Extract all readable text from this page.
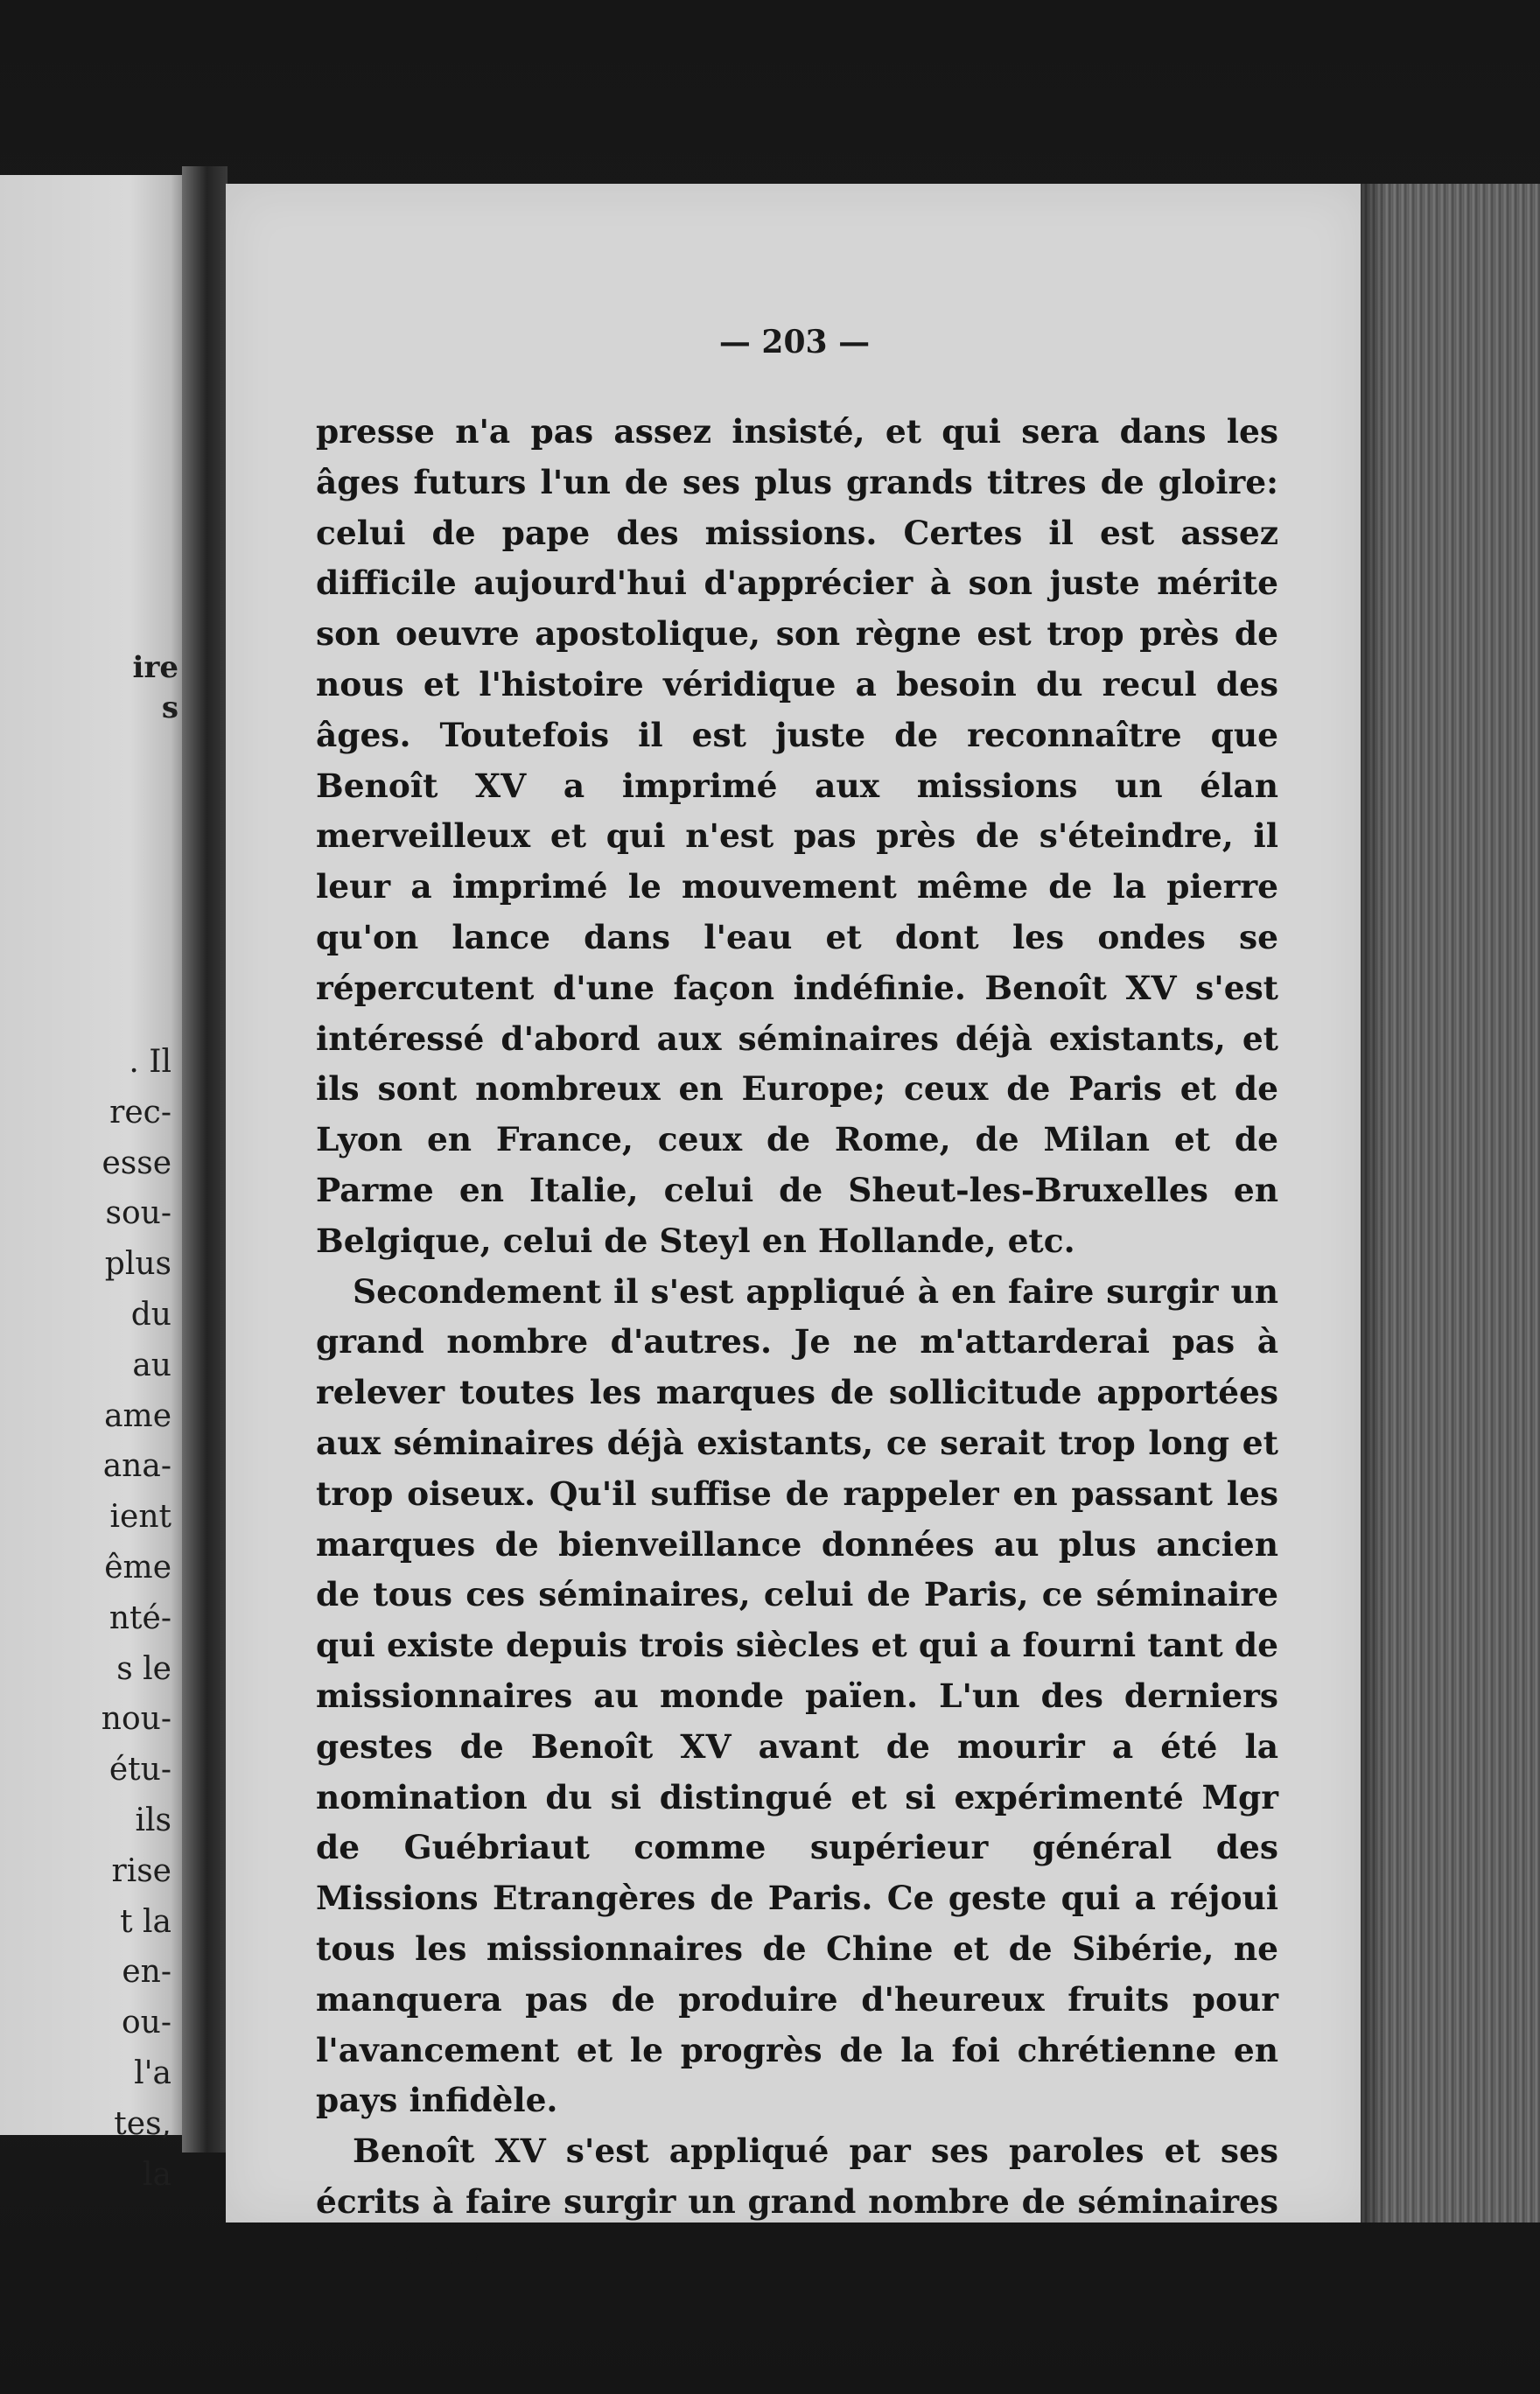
ire
s
. Il
rec-
esse
sou-
plus
du
au
ame
ana-
ient
ême
nté-
s le
nou-
étu-
ils
rise
t la
en-
ou-
l'a
tes,
la
— 203 —

presse n'a pas assez insisté, et qui sera dans les âges futurs l'un de ses plus grands titres de gloire: celui de pape des missions. Certes il est assez difficile aujourd'hui d'apprécier à son juste mérite son oeuvre apostolique, son règne est trop près de nous et l'histoire véridique a besoin du recul des âges. Toutefois il est juste de reconnaître que Benoît XV a imprimé aux missions un élan merveilleux et qui n'est pas près de s'éteindre, il leur a imprimé le mouvement même de la pierre qu'on lance dans l'eau et dont les ondes se répercutent d'une façon indéfinie. Benoît XV s'est intéressé d'abord aux séminaires déjà existants, et ils sont nombreux en Europe; ceux de Paris et de Lyon en France, ceux de Rome, de Milan et de Parme en Italie, celui de Sheut-les-Bruxelles en Belgique, celui de Steyl en Hollande, etc.

Secondement il s'est appliqué à en faire surgir un grand nombre d'autres. Je ne m'attarderai pas à relever toutes les marques de sollicitude apportées aux séminaires déjà existants, ce serait trop long et trop oiseux. Qu'il suffise de rappeler en passant les marques de bienveillance données au plus ancien de tous ces séminaires, celui de Paris, ce séminaire qui existe depuis trois siècles et qui a fourni tant de missionnaires au monde païen. L'un des derniers gestes de Benoît XV avant de mourir a été la nomination du si distingué et si expérimenté Mgr de Guébriaut comme supérieur général des Missions Etrangères de Paris. Ce geste qui a réjoui tous les missionnaires de Chine et de Sibérie, ne manquera pas de produire d'heureux fruits pour l'avancement et le progrès de la foi chrétienne en pays infidèle.

Benoît XV s'est appliqué par ses paroles et ses écrits à faire surgir un grand nombre de séminaires nouveaux. En
